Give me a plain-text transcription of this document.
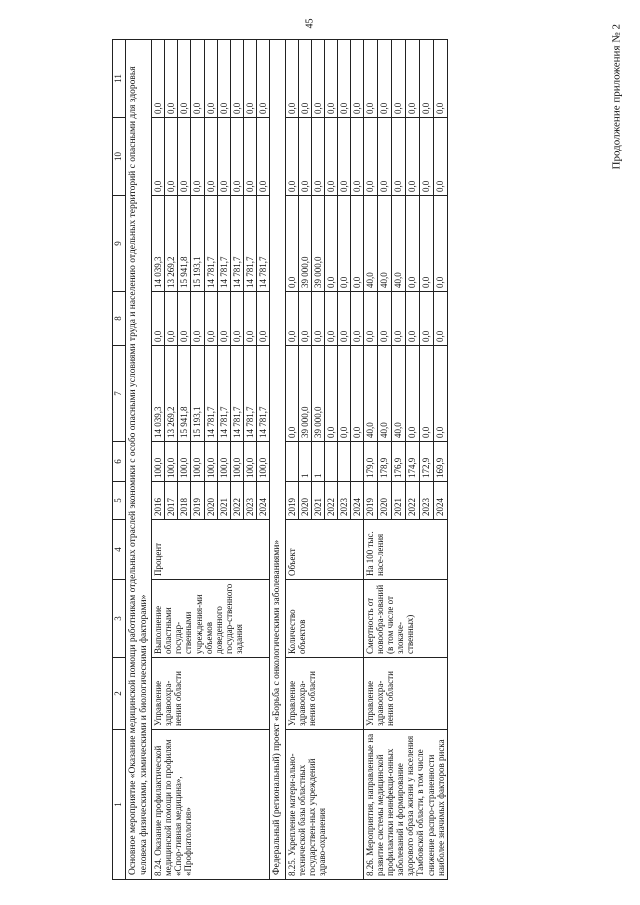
45
Продолжение приложения № 2
1	2	3	4	5	6	7	8	9	10	11
Основное мероприятие «Оказание медицинской помощи работникам отдельных отраслей экономики с особо опасными условиями труда и населению отдельных территорий с опасными для здоровья человека физическими, химическими и биологическими факторами»										
8.24. Оказание профилактической медицинской помощи по профилям «Спор-тивная медицина», «Профпатология»	Управление здравоохра-нения области	Выполнение областными государ-ственными учреждения-ми объемов доведенного государ-ственного задания	Процент	2016	100,0	14 039,3	0,0	14 039,3	0,0	0,0
				2017	100,0	13 269,2	0,0	13 269,2	0,0	0,0
				2018	100,0	15 941,8	0,0	15 941,8	0,0	0,0
				2019	100,0	15 193,1	0,0	15 193,1	0,0	0,0
				2020	100,0	14 781,7	0,0	14 781,7	0,0	0,0
				2021	100,0	14 781,7	0,0	14 781,7	0,0	0,0
				2022	100,0	14 781,7	0,0	14 781,7	0,0	0,0
				2023	100,0	14 781,7	0,0	14 781,7	0,0	0,0
				2024	100,0	14 781,7	0,0	14 781,7	0,0	0,0
Федеральный (региональный) проект «Борьба с онкологическими заболеваниями»										
8.25. Укрепление матери-ально-технической базы областных государствен-ных учреждений здраво-охранения	Управление здравоохра-нения области	Количество объектов	Объект	2019		0,0	0,0	0,0	0,0	0,0
				2020	1	39 000,0	0,0	39 000,0	0,0	0,0
				2021	1	39 000,0	0,0	39 000,0	0,0	0,0
				2022		0,0	0,0	0,0	0,0	0,0
				2023		0,0	0,0	0,0	0,0	0,0
				2024		0,0	0,0	0,0	0,0	0,0
8.26. Мероприятия, направленные на развитие системы медицинской профилактики неинфекци-онных заболеваний и формирование здорового образа жизни у населения Тамбовской области, в том числе снижение распро-страненности наиболее значимых факторов риска	Управление здравоохра-нения области	Смертность от новообра-зований (в том числе от злокаче-ственных)	На 100 тыс. насе-ления	2019	179,0	40,0	0,0	40,0	0,0	0,0
				2020	178,9	40,0	0,0	40,0	0,0	0,0
				2021	176,9	40,0	0,0	40,0	0,0	0,0
				2022	174,9	0,0	0,0	0,0	0,0	0,0
				2023	172,9	0,0	0,0	0,0	0,0	0,0
				2024	169,9	0,0	0,0	0,0	0,0	0,0
